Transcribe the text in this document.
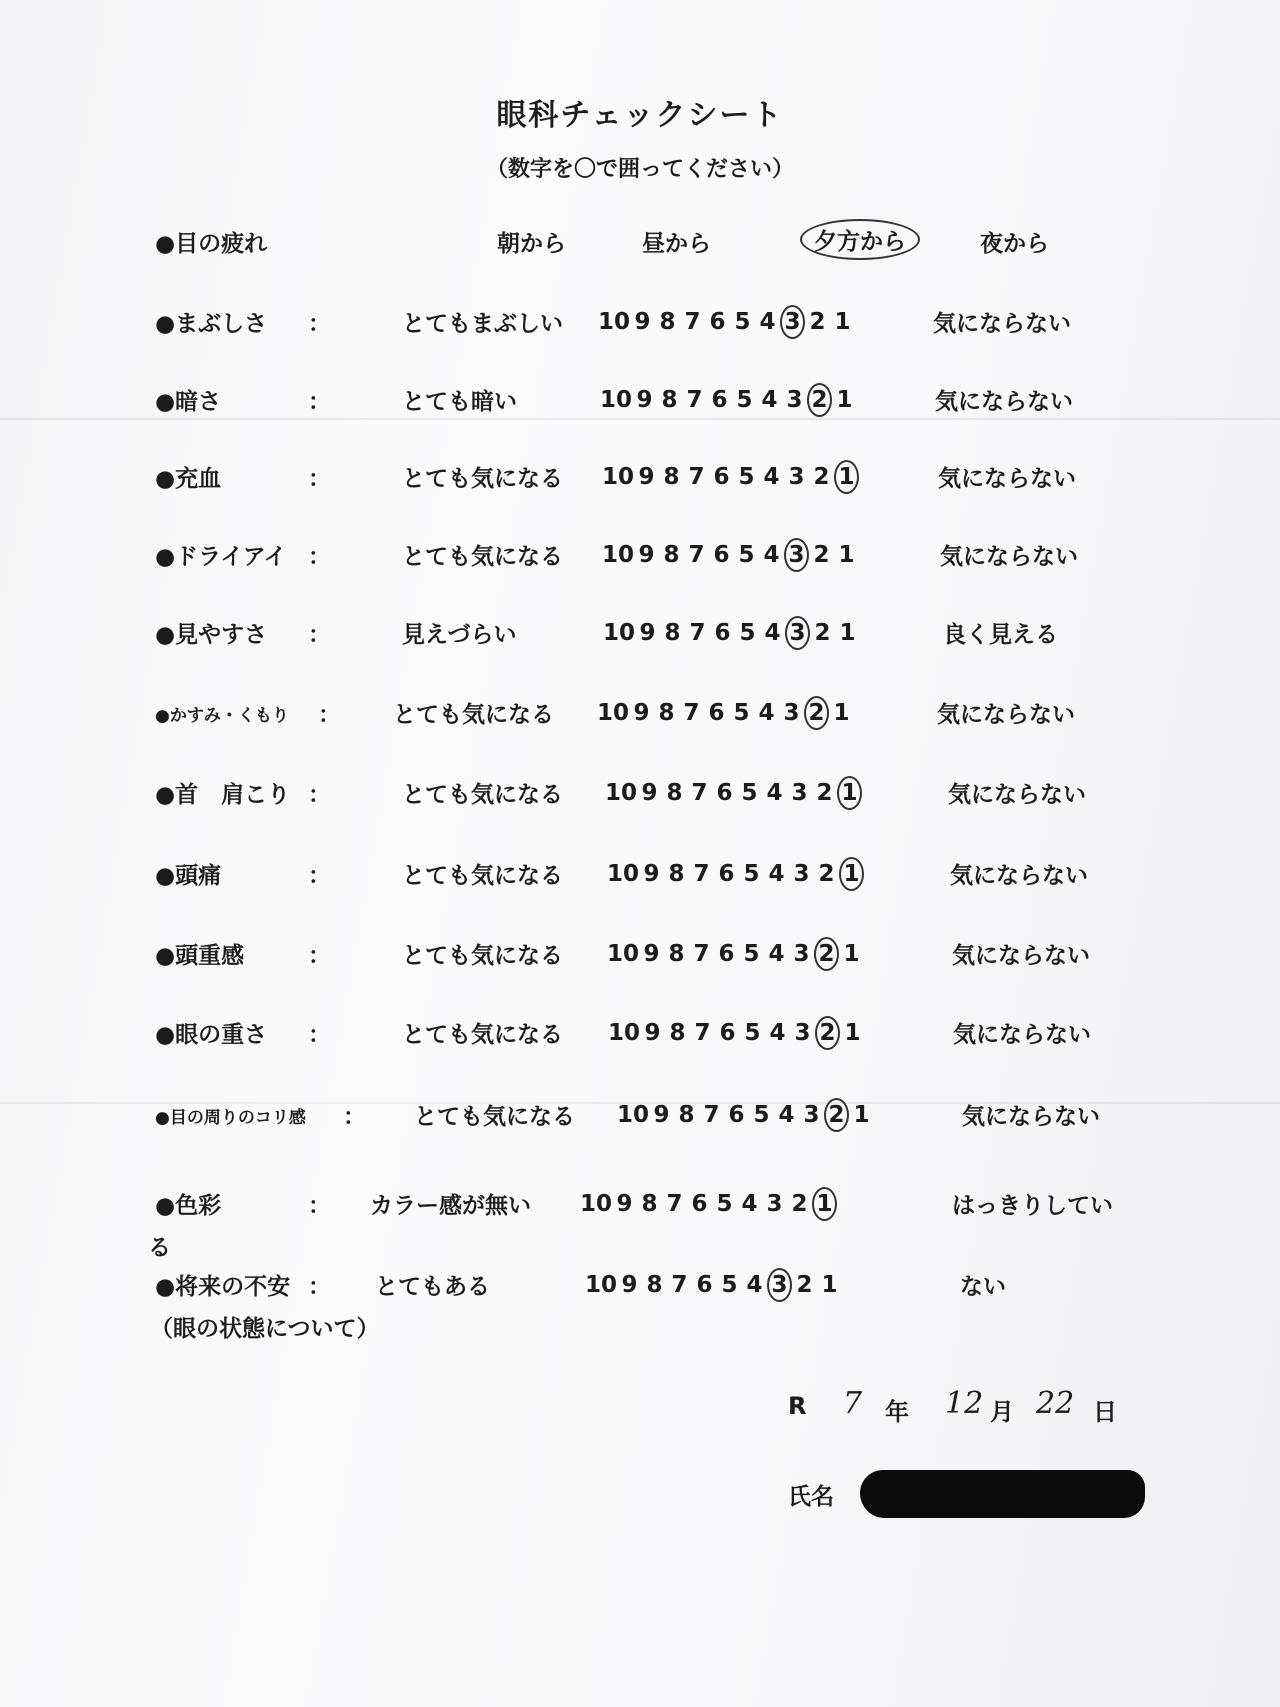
眼科チェックシート
（数字を〇で囲ってください）
●目の疲れ	朝から	昼から	夕方から	夜から
●まぶしさ ：	とてもまぶしい 10 9 8 7 6 5 4 3 2 1	気にならない
●暗さ	：	とても暗い	10 9 8 7 6 5 4 3 2 1	気にならない
●充血	：	とても気になる 10 9 8 7 6 5 4 3 2 1	気にならない
●ドライアイ ：	とても気になる 10 9 8 7 6 5 4 3 2 1	気にならない
●見やすさ ：	見えづらい	10 9 8 7 6 5 4 3 2 1	良く見える
●かすみ・くもり ： とても気になる 10 9 8 7 6 5 4 3 2 1	気にならない
●首　肩こり ：	とても気になる 10 9 8 7 6 5 4 3 2 1	気にならない
●頭痛	：	とても気になる 10 9 8 7 6 5 4 3 2 1	気にならない
●頭重感	：	とても気になる 10 9 8 7 6 5 4 3 2 1	気にならない
●眼の重さ ：	とても気になる 10 9 8 7 6 5 4 3 2 1	気にならない
●目の周りのコリ感 ： とても気になる 10 9 8 7 6 5 4 3 2 1	気にならない
●色彩	： カラー感が無い 10 9 8 7 6 5 4 3 2 1	はっきりしてい
る
●将来の不安 ： とてもある	10 9 8 7 6 5 4 3 2 1	ない
（眼の状態について）
R 7 年 12 月 22 日
氏名
